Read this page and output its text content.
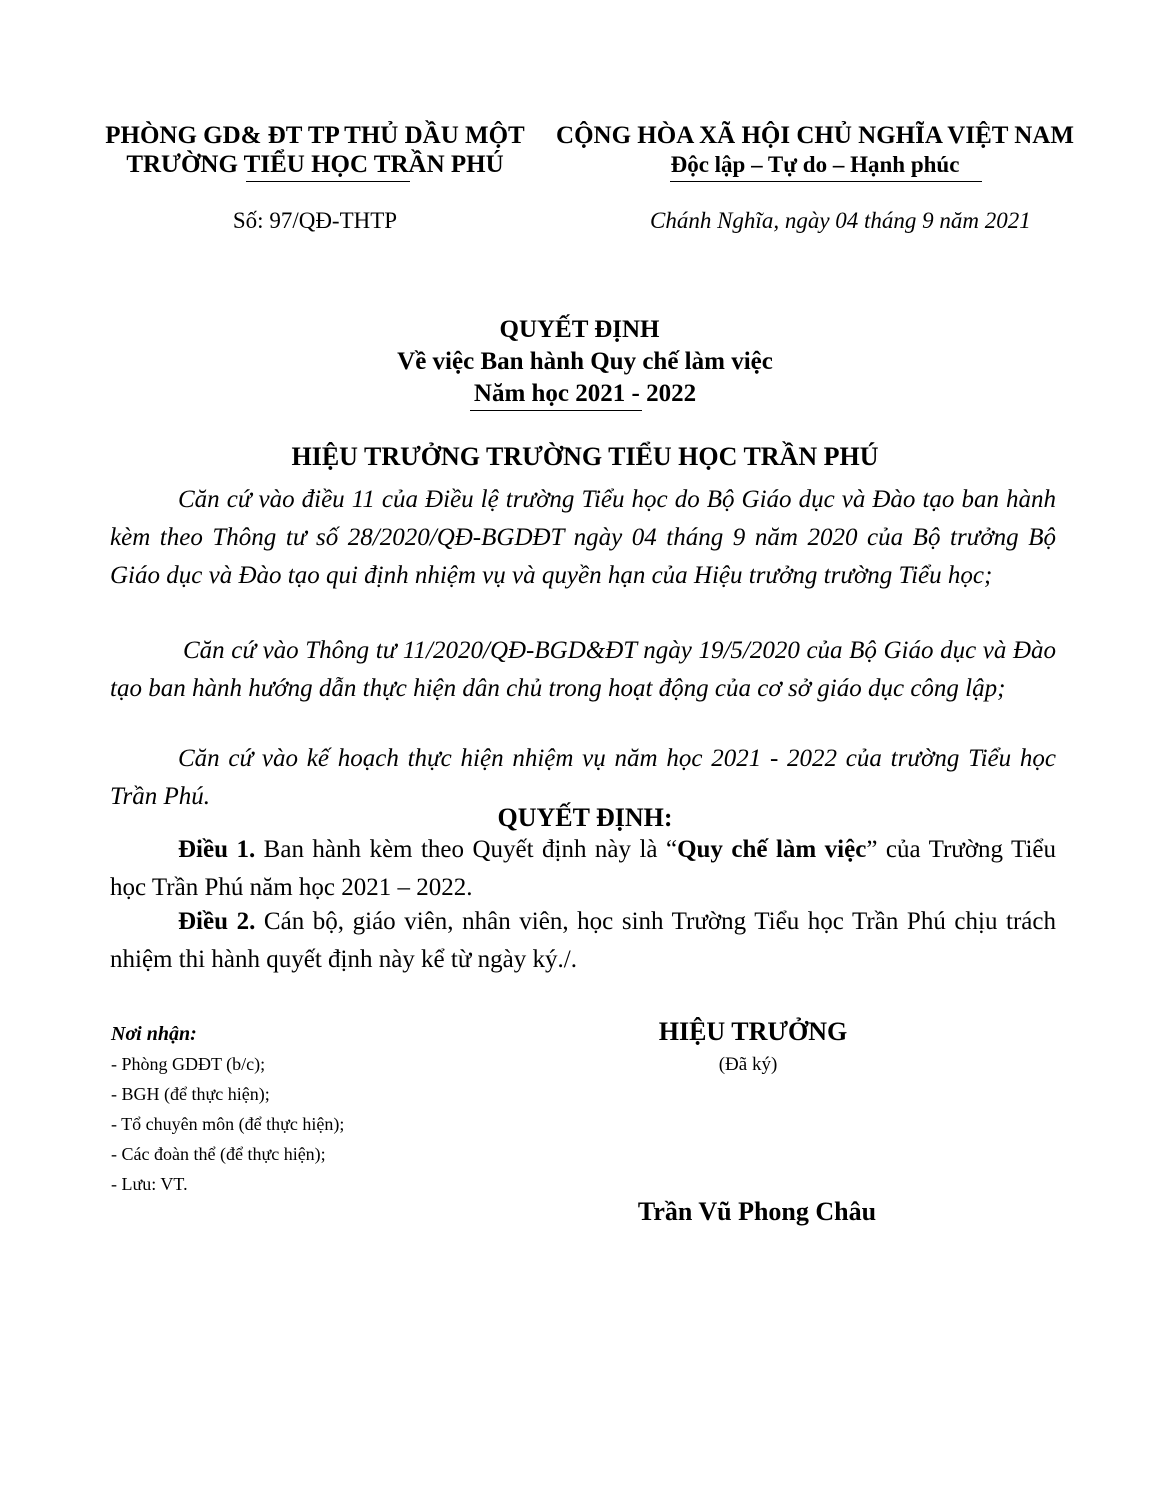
PHÒNG GD& ĐT TP THỦ DẦU MỘT
TRƯỜNG TIỂU HỌC TRẦN PHÚ
CỘNG HÒA XÃ HỘI CHỦ NGHĨA VIỆT NAM
Độc lập – Tự do – Hạnh phúc
Số: 97/QĐ-THTP	Chánh Nghĩa, ngày 04 tháng 9 năm 2021
QUYẾT ĐỊNH
Về việc Ban hành Quy chế làm việc
Năm học 2021 - 2022
HIỆU TRƯỞNG TRƯỜNG TIỂU HỌC TRẦN PHÚ
Căn cứ vào điều 11 của Điều lệ trường Tiểu học do Bộ Giáo dục và Đào tạo ban hành kèm theo Thông tư số 28/2020/QĐ-BGDĐT ngày 04 tháng 9 năm 2020 của Bộ trưởng Bộ Giáo dục và Đào tạo qui định nhiệm vụ và quyền hạn của Hiệu trưởng trường Tiểu học;
Căn cứ vào Thông tư 11/2020/QĐ-BGD&ĐT ngày 19/5/2020 của Bộ Giáo dục và Đào tạo ban hành hướng dẫn thực hiện dân chủ trong hoạt động của cơ sở giáo dục công lập;
Căn cứ vào kế hoạch thực hiện nhiệm vụ năm học 2021 - 2022 của trường Tiểu học Trần Phú.
QUYẾT ĐỊNH:
Điều 1. Ban hành kèm theo Quyết định này là “Quy chế làm việc” của Trường Tiểu học Trần Phú năm học 2021 – 2022.
Điều 2. Cán bộ, giáo viên, nhân viên, học sinh Trường Tiểu học Trần Phú chịu trách nhiệm thi hành quyết định này kể từ ngày ký./.
Nơi nhận:
- Phòng GDĐT (b/c);
- BGH (để thực hiện);
- Tổ chuyên môn (để thực hiện);
- Các đoàn thể (để thực hiện);
- Lưu: VT.
HIỆU TRƯỞNG
(Đã ký)
Trần Vũ Phong Châu
